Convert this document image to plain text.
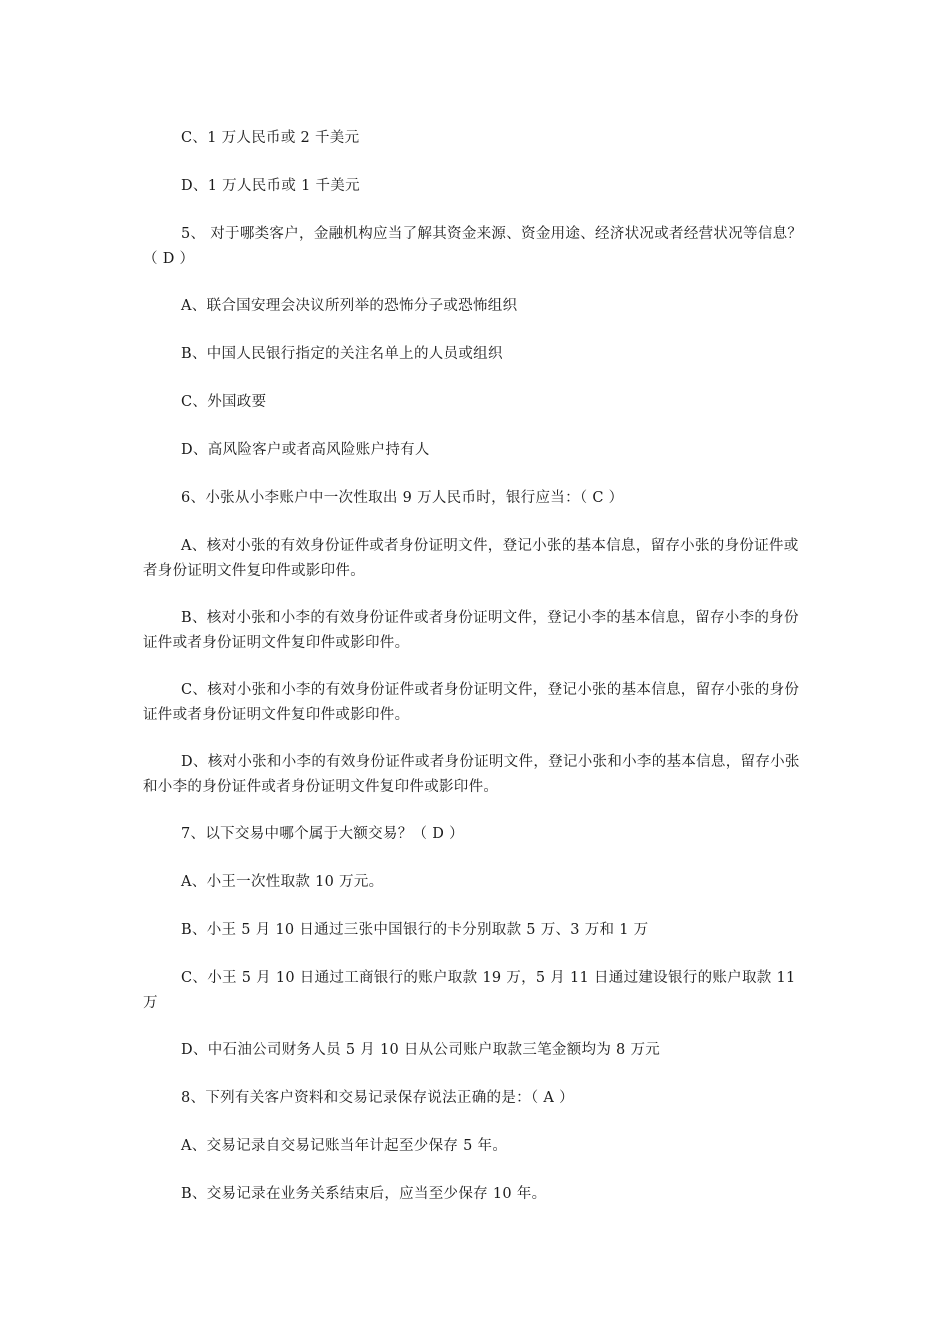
C、1 万人民币或 2 千美元

D、1 万人民币或 1 千美元

5、 对于哪类客户，金融机构应当了解其资金来源、资金用途、经济状况或者经营状况等信息？（ D ）

A、联合国安理会决议所列举的恐怖分子或恐怖组织

B、中国人民银行指定的关注名单上的人员或组织

C、外国政要

D、高风险客户或者高风险账户持有人

6、小张从小李账户中一次性取出 9 万人民币时，银行应当：（ C ）

A、核对小张的有效身份证件或者身份证明文件，登记小张的基本信息，留存小张的身份证件或者身份证明文件复印件或影印件。

B、核对小张和小李的有效身份证件或者身份证明文件，登记小李的基本信息，留存小李的身份证件或者身份证明文件复印件或影印件。

C、核对小张和小李的有效身份证件或者身份证明文件，登记小张的基本信息，留存小张的身份证件或者身份证明文件复印件或影印件。

D、核对小张和小李的有效身份证件或者身份证明文件，登记小张和小李的基本信息，留存小张和小李的身份证件或者身份证明文件复印件或影印件。

7、以下交易中哪个属于大额交易？（ D ）

A、小王一次性取款 10 万元。

B、小王 5 月 10 日通过三张中国银行的卡分别取款 5 万、3 万和 1 万

C、小王 5 月 10 日通过工商银行的账户取款 19 万，5 月 11 日通过建设银行的账户取款 11 万

D、中石油公司财务人员 5 月 10 日从公司账户取款三笔金额均为 8 万元

8、下列有关客户资料和交易记录保存说法正确的是：（ A ）

A、交易记录自交易记账当年计起至少保存 5 年。

B、交易记录在业务关系结束后，应当至少保存 10 年。
